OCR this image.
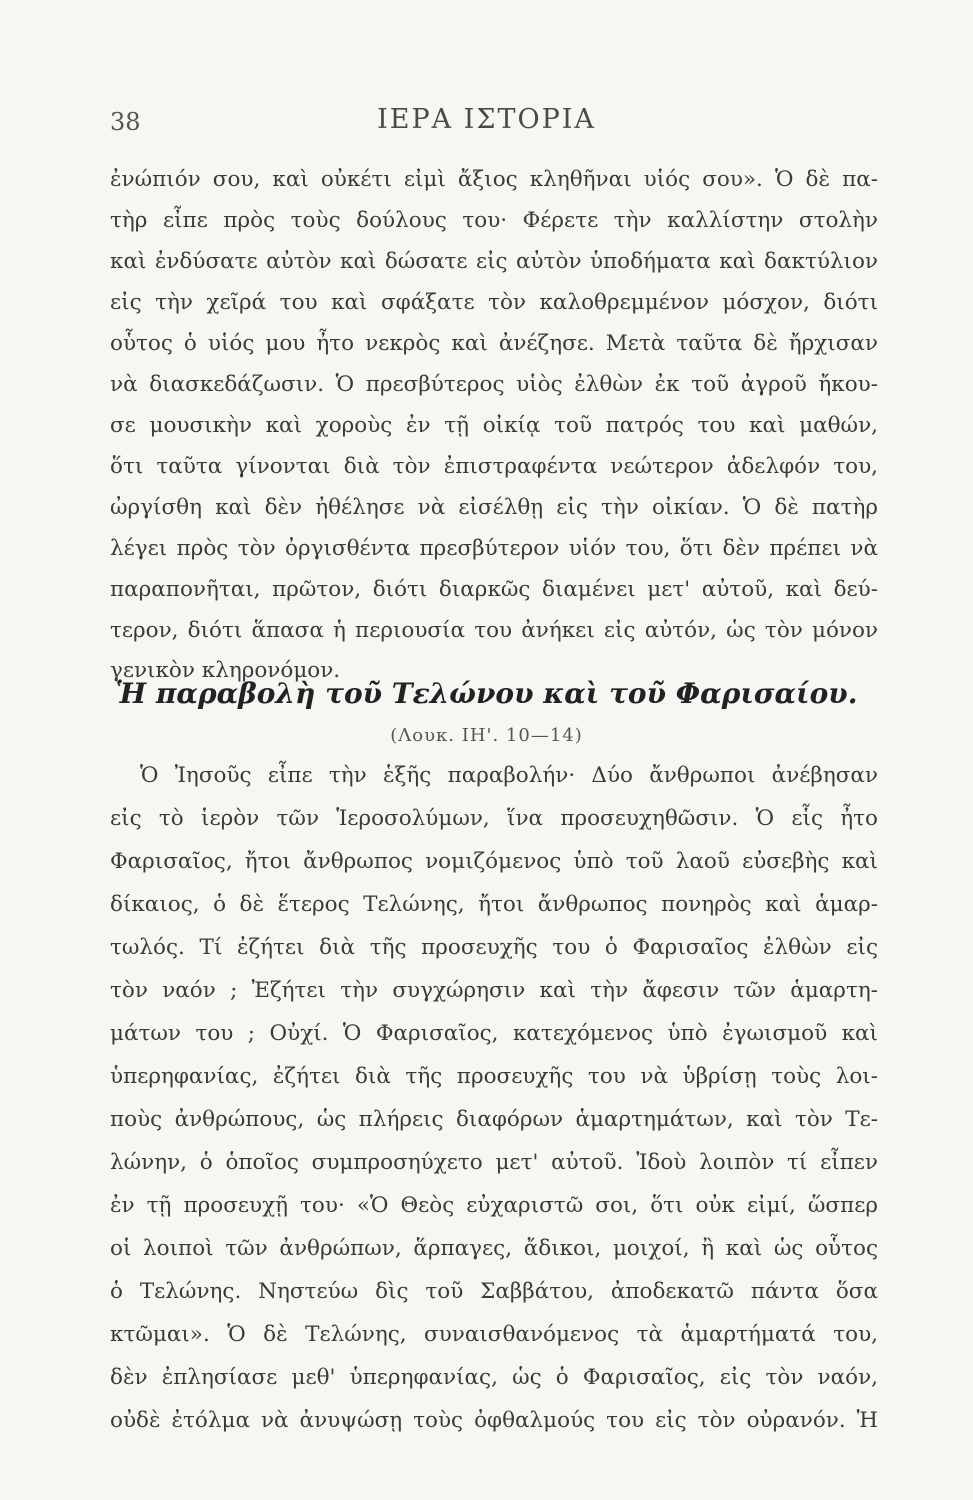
38	ΙΕΡΑ ΙΣΤΟΡΙΑ
ἐνώπιόν σου, καὶ οὐκέτι εἰμὶ ἄξιος κληθῆναι υἱός σου». Ὁ δὲ πα-
τὴρ εἶπε πρὸς τοὺς δούλους του· Φέρετε τὴν καλλίστην στολὴν
καὶ ἐνδύσατε αὐτὸν καὶ δώσατε εἰς αὐτὸν ὑποδήματα καὶ δακτύλιον
εἰς τὴν χεῖρά του καὶ σφάξατε τὸν καλοθρεμμένον μόσχον, διότι
οὗτος ὁ υἱός μου ἦτο νεκρὸς καὶ ἀνέζησε. Μετὰ ταῦτα δὲ ἤρχισαν
νὰ διασκεδάζωσιν. Ὁ πρεσβύτερος υἱὸς ἐλθὼν ἐκ τοῦ ἀγροῦ ἤκου-
σε μουσικὴν καὶ χοροὺς ἐν τῇ οἰκίᾳ τοῦ πατρός του καὶ μαθών,
ὅτι ταῦτα γίνονται διὰ τὸν ἐπιστραφέντα νεώτερον ἀδελφόν του,
ὠργίσθη καὶ δὲν ἠθέλησε νὰ εἰσέλθῃ εἰς τὴν οἰκίαν. Ὁ δὲ πατὴρ
λέγει πρὸς τὸν ὀργισθέντα πρεσβύτερον υἱόν του, ὅτι δὲν πρέπει νὰ
παραπονῆται, πρῶτον, διότι διαρκῶς διαμένει μετ' αὐτοῦ, καὶ δεύ-
τερον, διότι ἅπασα ἡ περιουσία του ἀνήκει εἰς αὐτόν, ὡς τὸν μόνον
γενικὸν κληρονόμον.
Ἡ παραβολὴ τοῦ Τελώνου καὶ τοῦ Φαρισαίου.
(Λουκ. ΙΗ'. 10—14)
Ὁ Ἰησοῦς εἶπε τὴν ἑξῆς παραβολήν· Δύο ἄνθρωποι ἀνέβησαν
εἰς τὸ ἱερὸν τῶν Ἱεροσολύμων, ἵνα προσευχηθῶσιν. Ὁ εἷς ἦτο
Φαρισαῖος, ἤτοι ἄνθρωπος νομιζόμενος ὑπὸ τοῦ λαοῦ εὐσεβὴς καὶ
δίκαιος, ὁ δὲ ἕτερος Τελώνης, ἤτοι ἄνθρωπος πονηρὸς καὶ ἁμαρ-
τωλός. Τί ἐζήτει διὰ τῆς προσευχῆς του ὁ Φαρισαῖος ἐλθὼν εἰς
τὸν ναόν ; Ἐζήτει τὴν συγχώρησιν καὶ τὴν ἄφεσιν τῶν ἁμαρτη-
μάτων του ; Οὐχί. Ὁ Φαρισαῖος, κατεχόμενος ὑπὸ ἐγωισμοῦ καὶ
ὑπερηφανίας, ἐζήτει διὰ τῆς προσευχῆς του νὰ ὑβρίσῃ τοὺς λοι-
ποὺς ἀνθρώπους, ὡς πλήρεις διαφόρων ἁμαρτημάτων, καὶ τὸν Τε-
λώνην, ὁ ὁποῖος συμπροσηύχετο μετ' αὐτοῦ. Ἰδοὺ λοιπὸν τί εἶπεν
ἐν τῇ προσευχῇ του· «Ὁ Θεὸς εὐχαριστῶ σοι, ὅτι οὐκ εἰμί, ὥσπερ
οἱ λοιποὶ τῶν ἀνθρώπων, ἅρπαγες, ἄδικοι, μοιχοί, ἢ καὶ ὡς οὗτος
ὁ Τελώνης. Νηστεύω δὶς τοῦ Σαββάτου, ἀποδεκατῶ πάντα ὅσα
κτῶμαι». Ὁ δὲ Τελώνης, συναισθανόμενος τὰ ἁμαρτήματά του,
δὲν ἐπλησίασε μεθ' ὑπερηφανίας, ὡς ὁ Φαρισαῖος, εἰς τὸν ναόν,
οὐδὲ ἐτόλμα νὰ ἀνυψώσῃ τοὺς ὀφθαλμούς του εἰς τὸν οὐρανόν. Ἡ
